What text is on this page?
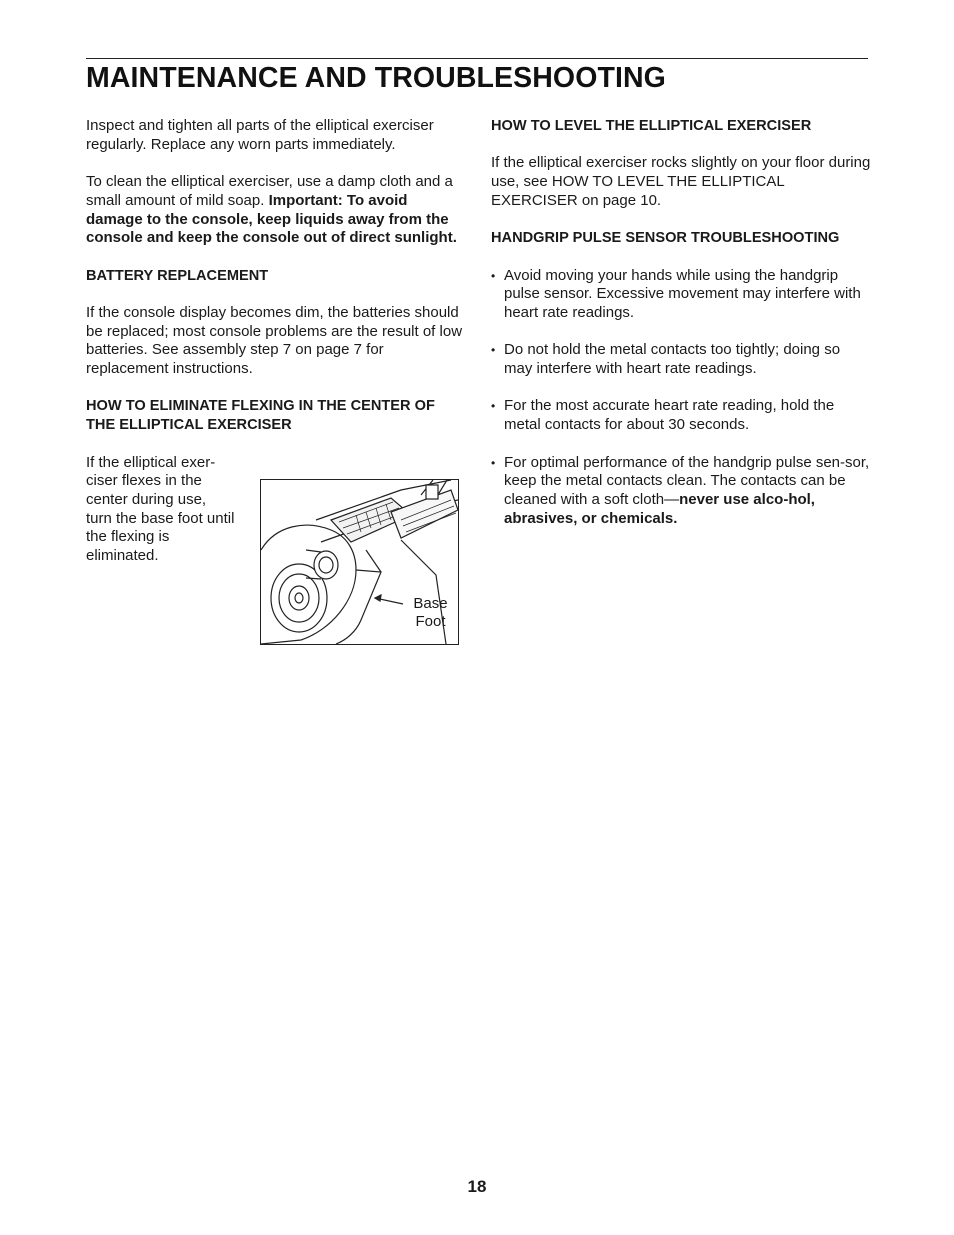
MAINTENANCE AND TROUBLESHOOTING

Inspect and tighten all parts of the elliptical exerciser regularly. Replace any worn parts immediately.

To clean the elliptical exerciser, use a damp cloth and a small amount of mild soap. Important: To avoid damage to the console, keep liquids away from the console and keep the console out of direct sunlight.

BATTERY REPLACEMENT

If the console display becomes dim, the batteries should be replaced; most console problems are the result of low batteries. See assembly step 7 on page 7 for replacement instructions.

HOW TO ELIMINATE FLEXING IN THE CENTER OF THE ELLIPTICAL EXERCISER

If the elliptical exer-ciser flexes in the center during use, turn the base foot until the flexing is eliminated.

Base Foot
HOW TO LEVEL THE ELLIPTICAL EXERCISER

If the elliptical exerciser rocks slightly on your floor during use, see HOW TO LEVEL THE ELLIPTICAL EXERCISER on page 10.

HANDGRIP PULSE SENSOR TROUBLESHOOTING
• Avoid moving your hands while using the handgrip pulse sensor. Excessive movement may interfere with heart rate readings.
• Do not hold the metal contacts too tightly; doing so may interfere with heart rate readings.
• For the most accurate heart rate reading, hold the metal contacts for about 30 seconds.
• For optimal performance of the handgrip pulse sen-sor, keep the metal contacts clean. The contacts can be cleaned with a soft cloth—never use alco-hol, abrasives, or chemicals.
18
